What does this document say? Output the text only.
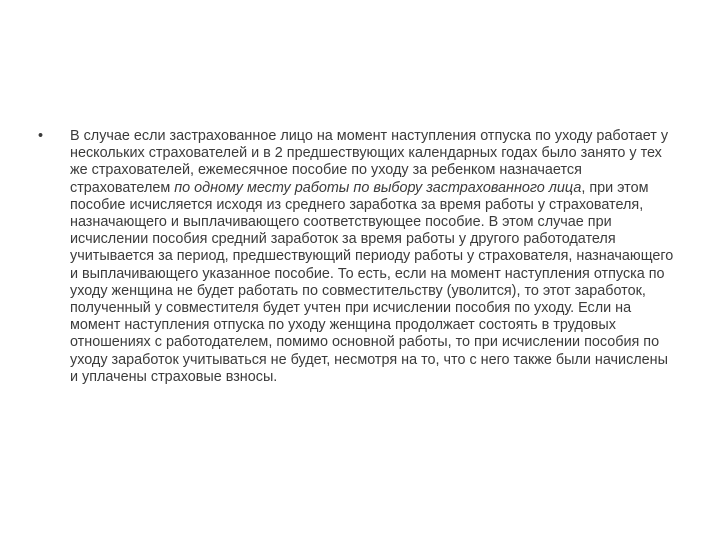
• В случае если застрахованное лицо на момент наступления отпуска по уходу работает у нескольких страхователей и в 2 предшествующих календарных годах было занято у тех же страхователей, ежемесячное пособие по уходу за ребенком назначается страхователем по одному месту работы по выбору застрахованного лица, при этом пособие исчисляется исходя из среднего заработка за время работы у страхователя, назначающего и выплачивающего соответствующее пособие. В этом случае при исчислении пособия средний заработок за время работы у другого работодателя учитывается за период, предшествующий периоду работы у страхователя, назначающего и выплачивающего указанное пособие. То есть, если на момент наступления отпуска по уходу женщина не будет работать по совместительству (уволится), то этот заработок, полученный у совместителя будет учтен при исчислении пособия по уходу. Если на момент наступления отпуска по уходу женщина продолжает состоять в трудовых отношениях с работодателем, помимо основной работы, то при исчислении пособия по уходу заработок учитываться не будет, несмотря на то, что с него также были начислены и уплачены страховые взносы.
